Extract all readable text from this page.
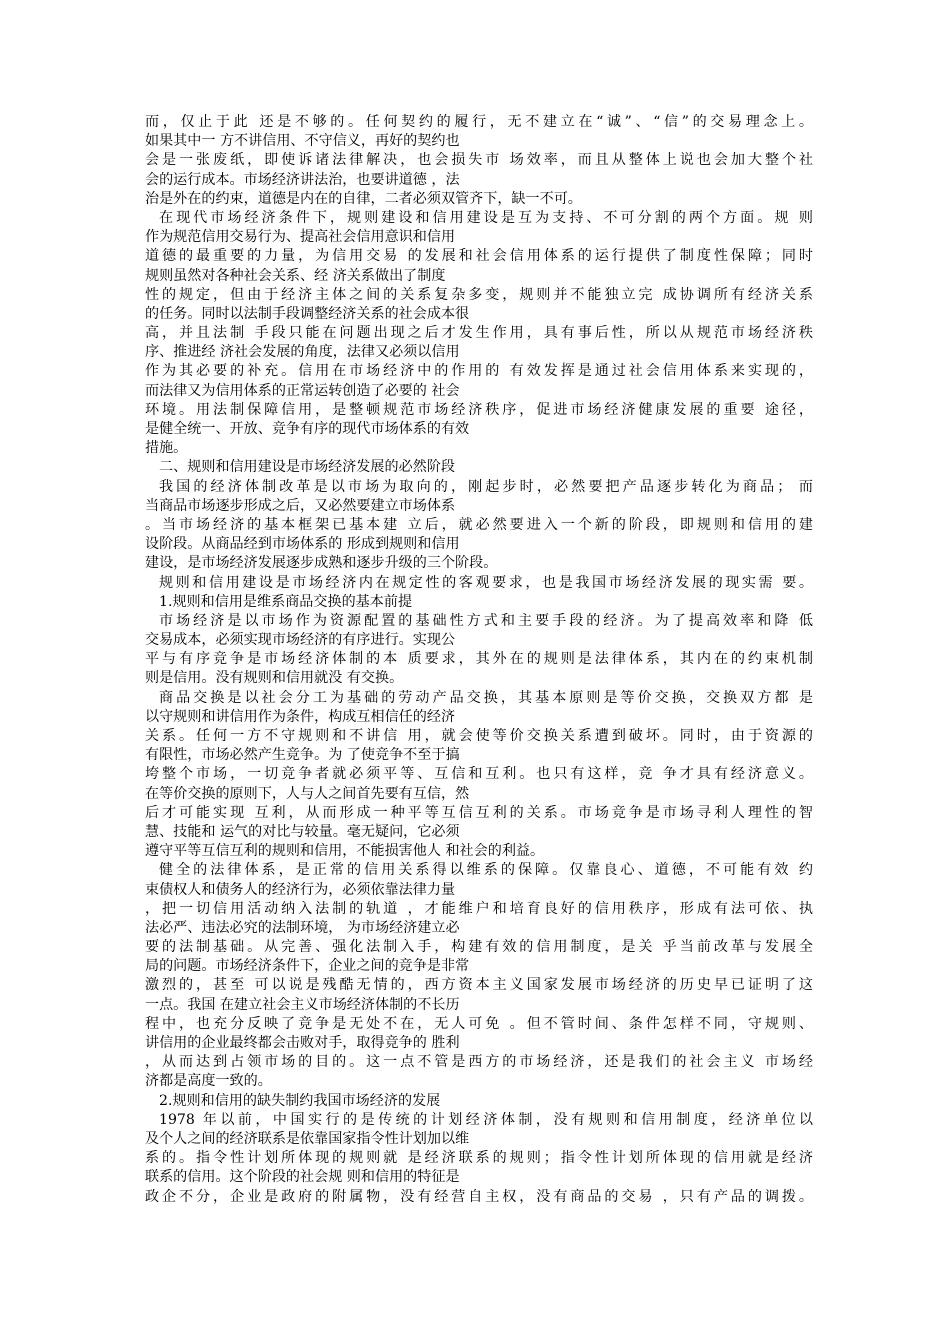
而，仅止于此 还是不够的。任何契约的履行，无不建立在“诚”、“信”的交易理念上。
如果其中一 方不讲信用、不守信义，再好的契约也
会是一张废纸，即使诉诸法律解决，也会损失市 场效率，而且从整体上说也会加大整个社
会的运行成本。市场经济讲法治，也要讲道德 ，法
治是外在的约束，道德是内在的自律，二者必须双管齐下，缺一不可。
在现代市场经济条件下，规则建设和信用建设是互为支持、不可分割的两个方面。规 则
作为规范信用交易行为、提高社会信用意识和信用
道德的最重要的力量，为信用交易 的发展和社会信用体系的运行提供了制度性保障；同时
规则虽然对各种社会关系、经 济关系做出了制度
性的规定，但由于经济主体之间的关系复杂多变，规则并不能独立完 成协调所有经济关系
的任务。同时以法制手段调整经济关系的社会成本很
高，并且法制 手段只能在问题出现之后才发生作用，具有事后性，所以从规范市场经济秩
序、推进经 济社会发展的角度，法律又必须以信用
作为其必要的补充。信用在市场经济中的作用的 有效发挥是通过社会信用体系来实现的，
而法律又为信用体系的正常运转创造了必要的 社会
环境。用法制保障信用，是整顿规范市场经济秩序，促进市场经济健康发展的重要 途径，
是健全统一、开放、竞争有序的现代市场体系的有效
措施。
二、规则和信用建设是市场经济发展的必然阶段
我国的经济体制改革是以市场为取向的，刚起步时，必然要把产品逐步转化为商品； 而
当商品市场逐步形成之后，又必然要建立市场体系
。当市场经济的基本框架已基本建 立后，就必然要进入一个新的阶段，即规则和信用的建
设阶段。从商品经到市场体系的 形成到规则和信用
建设，是市场经济发展逐步成熟和逐步升级的三个阶段。
规则和信用建设是市场经济内在规定性的客观要求，也是我国市场经济发展的现实需 要。
1.规则和信用是维系商品交换的基本前提
市场经济是以市场作为资源配置的基础性方式和主要手段的经济。为了提高效率和降 低
交易成本，必须实现市场经济的有序进行。实现公
平与有序竞争是市场经济体制的本 质要求，其外在的规则是法律体系，其内在的约束机制
则是信用。没有规则和信用就没 有交换。
商品交换是以社会分工为基础的劳动产品交换，其基本原则是等价交换，交换双方都 是
以守规则和讲信用作为条件，构成互相信任的经济
关系。任何一方不守规则和不讲信 用，就会使等价交换关系遭到破坏。同时，由于资源的
有限性，市场必然产生竞争。为 了使竞争不至于搞
垮整个市场，一切竞争者就必须平等、互信和互利。也只有这样，竞 争才具有经济意义。
在等价交换的原则下，人与人之间首先要有互信，然
后才可能实现 互利，从而形成一种平等互信互利的关系。市场竞争是市场寻利人理性的智
慧、技能和 运气的对比与较量。毫无疑问，它必须
遵守平等互信互利的规则和信用，不能损害他人 和社会的利益。
健全的法律体系，是正常的信用关系得以维系的保障。仅靠良心、道德，不可能有效 约
束债权人和债务人的经济行为，必须依靠法律力量
，把一切信用活动纳入法制的轨道 ，才能维户和培育良好的信用秩序，形成有法可依、执
法必严、违法必究的法制环境， 为市场经济建立必
要的法制基础。从完善、强化法制入手，构建有效的信用制度，是关 乎当前改革与发展全
局的问题。市场经济条件下，企业之间的竞争是非常
激烈的，甚至 可以说是残酷无情的，西方资本主义国家发展市场经济的历史早已证明了这
一点。我国 在建立社会主义市场经济体制的不长历
程中，也充分反映了竞争是无处不在，无人可免 。但不管时间、条件怎样不同，守规则、
讲信用的企业最终都会击败对手，取得竞争的 胜利
，从而达到占领市场的目的。这一点不管是西方的市场经济，还是我们的社会主义 市场经
济都是高度一致的。
2.规则和信用的缺失制约我国市场经济的发展
1978 年以前，中国实行的是传统的计划经济体制，没有规则和信用制度，经济单位以
及个人之间的经济联系是依靠国家指令性计划加以维
系的。指令性计划所体现的规则就 是经济联系的规则；指令性计划所体现的信用就是经济
联系的信用。这个阶段的社会规 则和信用的特征是
政企不分，企业是政府的附属物，没有经营自主权，没有商品的交易 ，只有产品的调拨。
